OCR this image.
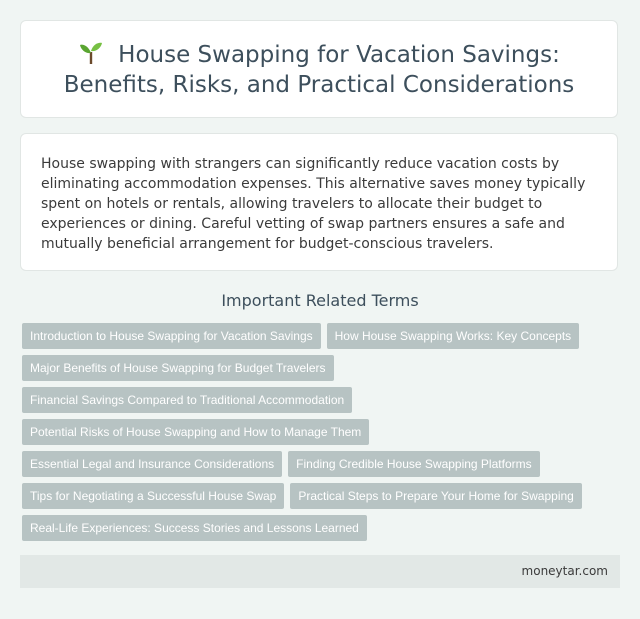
House Swapping for Vacation Savings: Benefits, Risks, and Practical Considerations

House swapping with strangers can significantly reduce vacation costs by eliminating accommodation expenses. This alternative saves money typically spent on hotels or rentals, allowing travelers to allocate their budget to experiences or dining. Careful vetting of swap partners ensures a safe and mutually beneficial arrangement for budget-conscious travelers.

Important Related Terms
Introduction to House Swapping for Vacation Savings	How House Swapping Works: Key Concepts
Major Benefits of House Swapping for Budget Travelers
Financial Savings Compared to Traditional Accommodation
Potential Risks of House Swapping and How to Manage Them
Essential Legal and Insurance Considerations	Finding Credible House Swapping Platforms
Tips for Negotiating a Successful House Swap	Practical Steps to Prepare Your Home for Swapping
Real-Life Experiences: Success Stories and Lessons Learned
moneytar.com
